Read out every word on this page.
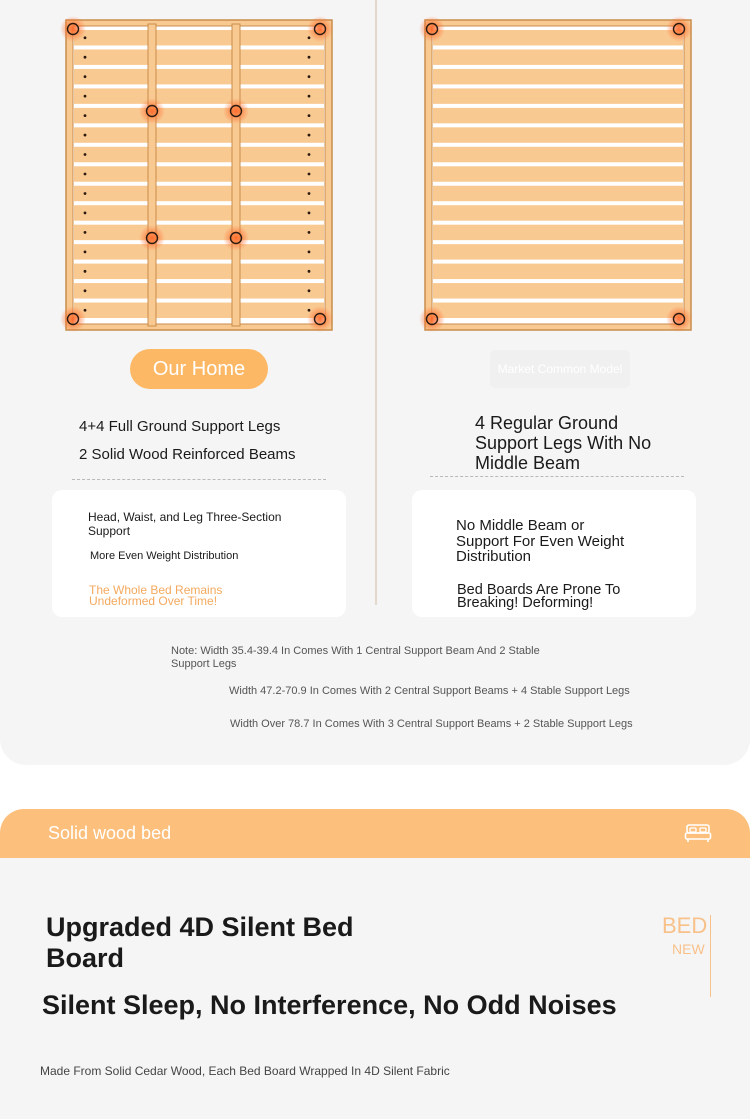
Our Home	Market Common Model
4+4 Full Ground Support Legs
2 Solid Wood Reinforced Beams
4 Regular Ground Support Legs With No Middle Beam
Head, Waist, and Leg Three-Section Support
More Even Weight Distribution
The Whole Bed Remains Undeformed Over Time!
No Middle Beam or Support For Even Weight Distribution
Bed Boards Are Prone To Breaking! Deforming!
Note: Width 35.4-39.4 In Comes With 1 Central Support Beam And 2 Stable Support Legs
Width 47.2-70.9 In Comes With 2 Central Support Beams + 4 Stable Support Legs
Width Over 78.7 In Comes With 3 Central Support Beams + 2 Stable Support Legs
Solid wood bed
Upgraded 4D Silent Bed Board
BED
NEW
Silent Sleep, No Interference, No Odd Noises
Made From Solid Cedar Wood, Each Bed Board Wrapped In 4D Silent Fabric
